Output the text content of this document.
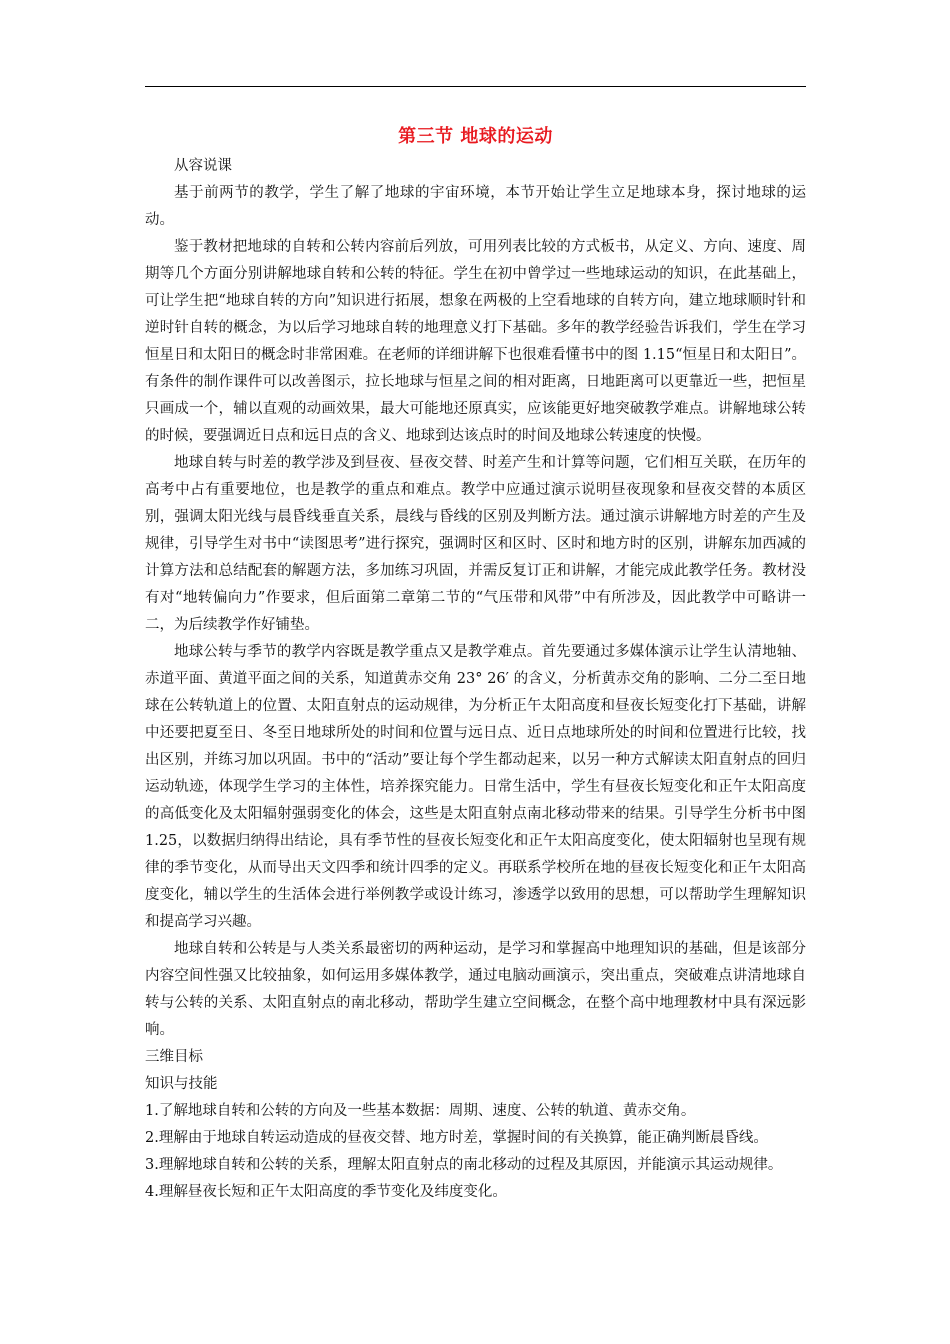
第三节 地球的运动

从容说课

基于前两节的教学，学生了解了地球的宇宙环境，本节开始让学生立足地球本身，探讨地球的运动。

鉴于教材把地球的自转和公转内容前后列放，可用列表比较的方式板书，从定义、方向、速度、周期等几个方面分别讲解地球自转和公转的特征。学生在初中曾学过一些地球运动的知识，在此基础上，可让学生把“地球自转的方向”知识进行拓展，想象在两极的上空看地球的自转方向，建立地球顺时针和逆时针自转的概念，为以后学习地球自转的地理意义打下基础。多年的教学经验告诉我们，学生在学习恒星日和太阳日的概念时非常困难。在老师的详细讲解下也很难看懂书中的图 1.15“恒星日和太阳日”。有条件的制作课件可以改善图示，拉长地球与恒星之间的相对距离，日地距离可以更靠近一些，把恒星只画成一个，辅以直观的动画效果，最大可能地还原真实，应该能更好地突破教学难点。讲解地球公转的时候，要强调近日点和远日点的含义、地球到达该点时的时间及地球公转速度的快慢。

地球自转与时差的教学涉及到昼夜、昼夜交替、时差产生和计算等问题，它们相互关联，在历年的高考中占有重要地位，也是教学的重点和难点。教学中应通过演示说明昼夜现象和昼夜交替的本质区别，强调太阳光线与晨昏线垂直关系，晨线与昏线的区别及判断方法。通过演示讲解地方时差的产生及规律，引导学生对书中“读图思考”进行探究，强调时区和区时、区时和地方时的区别，讲解东加西减的计算方法和总结配套的解题方法，多加练习巩固，并需反复订正和讲解，才能完成此教学任务。教材没有对“地转偏向力”作要求，但后面第二章第二节的“气压带和风带”中有所涉及，因此教学中可略讲一二，为后续教学作好铺垫。

地球公转与季节的教学内容既是教学重点又是教学难点。首先要通过多媒体演示让学生认清地轴、赤道平面、黄道平面之间的关系，知道黄赤交角 23° 26′ 的含义，分析黄赤交角的影响、二分二至日地球在公转轨道上的位置、太阳直射点的运动规律，为分析正午太阳高度和昼夜长短变化打下基础，讲解中还要把夏至日、冬至日地球所处的时间和位置与远日点、近日点地球所处的时间和位置进行比较，找出区别，并练习加以巩固。书中的“活动”要让每个学生都动起来，以另一种方式解读太阳直射点的回归运动轨迹，体现学生学习的主体性，培养探究能力。日常生活中，学生有昼夜长短变化和正午太阳高度的高低变化及太阳辐射强弱变化的体会，这些是太阳直射点南北移动带来的结果。引导学生分析书中图 1.25，以数据归纳得出结论，具有季节性的昼夜长短变化和正午太阳高度变化，使太阳辐射也呈现有规律的季节变化，从而导出天文四季和统计四季的定义。再联系学校所在地的昼夜长短变化和正午太阳高度变化，辅以学生的生活体会进行举例教学或设计练习，渗透学以致用的思想，可以帮助学生理解知识和提高学习兴趣。

地球自转和公转是与人类关系最密切的两种运动，是学习和掌握高中地理知识的基础，但是该部分内容空间性强又比较抽象，如何运用多媒体教学，通过电脑动画演示，突出重点，突破难点讲清地球自转与公转的关系、太阳直射点的南北移动，帮助学生建立空间概念，在整个高中地理教材中具有深远影响。

三维目标

知识与技能

1.了解地球自转和公转的方向及一些基本数据：周期、速度、公转的轨道、黄赤交角。

2.理解由于地球自转运动造成的昼夜交替、地方时差，掌握时间的有关换算，能正确判断晨昏线。

3.理解地球自转和公转的关系，理解太阳直射点的南北移动的过程及其原因，并能演示其运动规律。

4.理解昼夜长短和正午太阳高度的季节变化及纬度变化。
